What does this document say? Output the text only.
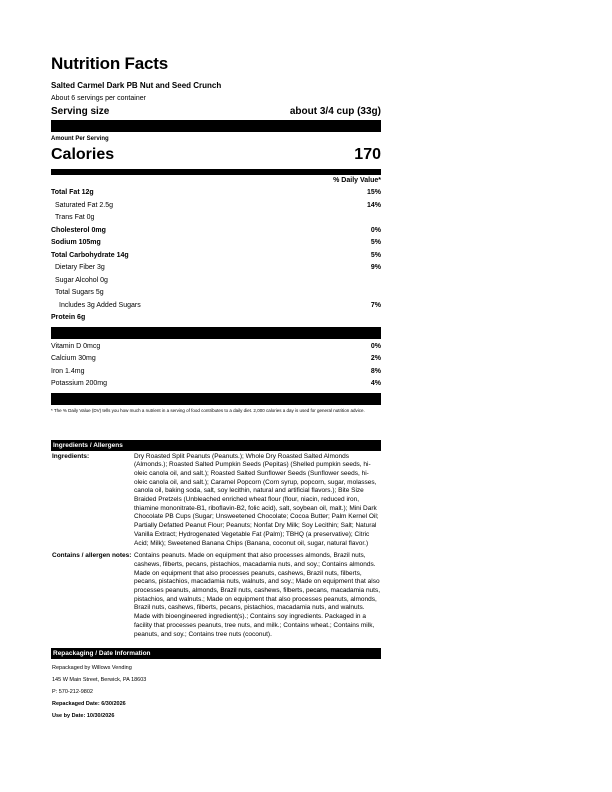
Nutrition Facts
Salted Carmel Dark PB Nut and Seed Crunch
About 6 servings per container
Serving size	about 3/4 cup (33g)
Amount Per Serving
Calories	170
% Daily Value*
Total Fat 12g	15%
Saturated Fat 2.5g	14%
Trans Fat 0g
Cholesterol 0mg	0%
Sodium 105mg	5%
Total Carbohydrate 14g	5%
Dietary Fiber 3g	9%
Sugar Alcohol 0g
Total Sugars 5g
Includes 3g Added Sugars	7%
Protein 6g
Vitamin D 0mcg	0%
Calcium 30mg	2%
Iron 1.4mg	8%
Potassium 200mg	4%
* The % Daily Value (DV) tells you how much a nutrient in a serving of food contributes to a daily diet. 2,000 calories a day is used for general nutrition advice.
Ingredients / Allergens
Ingredients:	Dry Roasted Split Peanuts (Peanuts.); Whole Dry Roasted Salted Almonds (Almonds.); Roasted Salted Pumpkin Seeds (Pepitas) (Shelled pumpkin seeds, hi-oleic canola oil, and salt.); Roasted Salted Sunflower Seeds (Sunflower seeds, hi-oleic canola oil, and salt.); Caramel Popcorn (Corn syrup, popcorn, sugar, molasses, canola oil, baking soda, salt, soy lecithin, natural and artificial flavors.); Bite Size Braided Pretzels (Unbleached enriched wheat flour (flour, niacin, reduced iron, thiamine mononitrate-B1, riboflavin-B2, folic acid), salt, soybean oil, malt.); Mini Dark Chocolate PB Cups (Sugar; Unsweetened Chocolate; Cocoa Butter; Palm Kernel Oil; Partially Defatted Peanut Flour; Peanuts; Nonfat Dry Milk; Soy Lecithin; Salt; Natural Vanilla Extract; Hydrogenated Vegetable Fat (Palm); TBHQ (a preservative); Citric Acid; Milk); Sweetened Banana Chips (Banana, coconut oil, sugar, natural flavor.)
Contains / allergen notes: Contains peanuts. Made on equipment that also processes almonds, Brazil nuts, cashews, filberts, pecans, pistachios, macadamia nuts, and soy.; Contains almonds. Made on equipment that also processes peanuts, cashews, Brazil nuts, filberts, pecans, pistachios, macadamia nuts, walnuts, and soy.; Made on equipment that also processes peanuts, almonds, Brazil nuts, cashews, filberts, pecans, macadamia nuts, pistachios, and walnuts.; Made on equipment that also processes peanuts, almonds, Brazil nuts, cashews, filberts, pecans, pistachios, macadamia nuts, and walnuts. Made with bioengineered ingredient(s).; Contains soy ingredients. Packaged in a facility that processes peanuts, tree nuts, and milk.; Contains wheat.; Contains milk, peanuts, and soy.; Contains tree nuts (coconut).
Repackaging / Date Information
Repackaged by Willows Vending
145 W Main Street, Berwick, PA 18603
P: 570-212-9802
Repackaged Date: 6/30/2026
Use by Date: 10/30/2026
